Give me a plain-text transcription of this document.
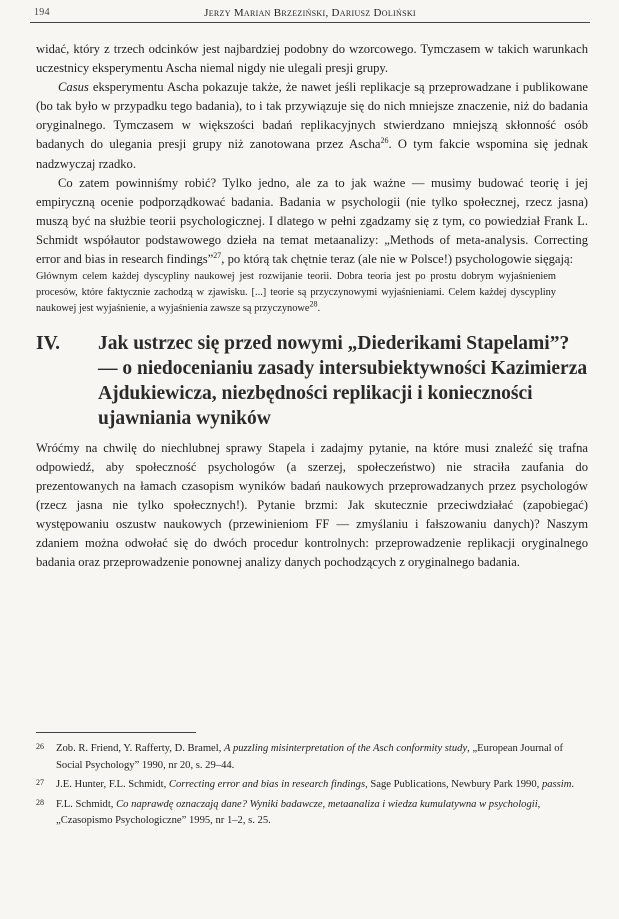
194	Jerzy Marian Brzeziński, Dariusz Doliński

widać, który z trzech odcinków jest najbardziej podobny do wzorcowego. Tymczasem w takich warunkach uczestnicy eksperymentu Ascha niemal nigdy nie ulegali presji grupy.

Casus eksperymentu Ascha pokazuje także, że nawet jeśli replikacje są przeprowadzane i publikowane (bo tak było w przypadku tego badania), to i tak przywiązuje się do nich mniejsze znaczenie, niż do badania oryginalnego. Tymczasem w większości badań replikacyjnych stwierdzano mniejszą skłonność osób badanych do ulegania presji grupy niż zanotowana przez Ascha$^{26}$. O tym fakcie wspomina się jednak nadzwyczaj rzadko.

Co zatem powinniśmy robić? Tylko jedno, ale za to jak ważne — musimy budować teorię i jej empiryczną ocenie podporządkować badania. Badania w psychologii (nie tylko społecznej, rzecz jasna) muszą być na służbie teorii psychologicznej. I dlatego w pełni zgadzamy się z tym, co powiedział Frank L. Schmidt współautor podstawowego dzieła na temat metaanalizy: „Methods of meta-analysis. Correcting error and bias in research findings”$^{27}$, po którą tak chętnie teraz (ale nie w Polsce!) psychologowie sięgają:

Głównym celem każdej dyscypliny naukowej jest rozwijanie teorii. Dobra teoria jest po prostu dobrym wyjaśnieniem procesów, które faktycznie zachodzą w zjawisku. [...] teorie są przyczynowymi wyjaśnieniami. Celem każdej dyscypliny naukowej jest wyjaśnienie, a wyjaśnienia zawsze są przyczynowe$^{28}$.

IV. Jak ustrzec się przed nowymi „Diederikami Stapelami”? — o niedocenianiu zasady intersubiektywności Kazimierza Ajdukiewicza, niezbędności replikacji i konieczności ujawniania wyników

Wróćmy na chwilę do niechlubnej sprawy Stapela i zadajmy pytanie, na które musi znaleźć się trafna odpowiedź, aby społeczność psychologów (a szerzej, społeczeństwo) nie straciła zaufania do prezentowanych na łamach czasopism wyników badań naukowych przeprowadzanych przez psychologów (rzecz jasna nie tylko społecznych!). Pytanie brzmi: Jak skutecznie przeciwdziałać (zapobiegać) występowaniu oszustw naukowych (przewinieniom FF — zmyślaniu i fałszowaniu danych)? Naszym zdaniem można odwołać się do dwóch procedur kontrolnych: przeprowadzenie replikacji oryginalnego badania oraz przeprowadzenie ponownej analizy danych pochodzących z oryginalnego badania.

26 Zob. R. Friend, Y. Rafferty, D. Bramel, A puzzling misinterpretation of the Asch conformity study, „European Journal of Social Psychology” 1990, nr 20, s. 29–44.
27 J.E. Hunter, F.L. Schmidt, Correcting error and bias in research findings, Sage Publications, Newbury Park 1990, passim.
28 F.L. Schmidt, Co naprawdę oznaczają dane? Wyniki badawcze, metaanaliza i wiedza kumulatywna w psychologii, „Czasopismo Psychologiczne” 1995, nr 1–2, s. 25.
